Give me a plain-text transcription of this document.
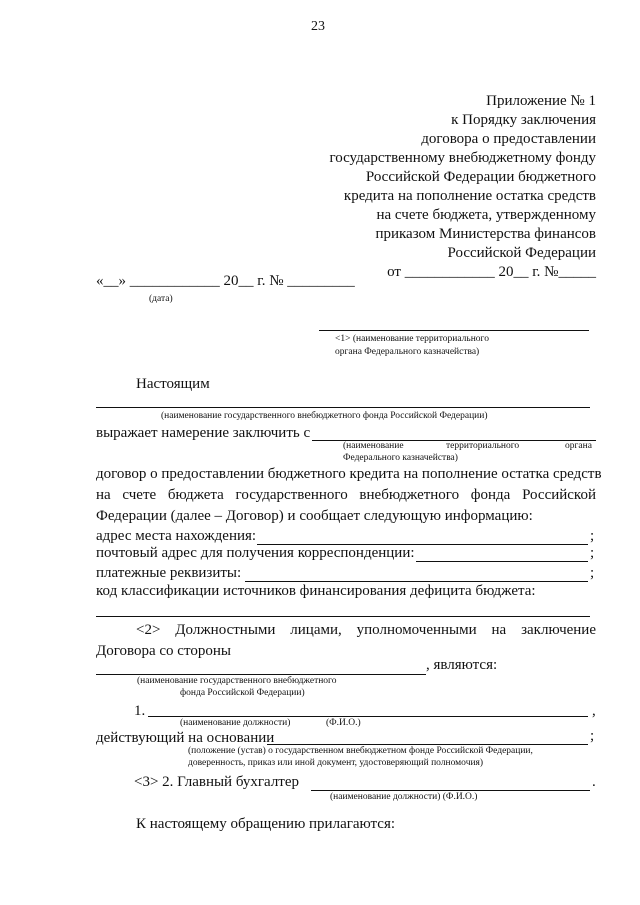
23
Приложение № 1
к Порядку заключения
договора о предоставлении
государственному внебюджетному фонду
Российской Федерации бюджетного
кредита на пополнение остатка средств
на счете бюджета, утвержденному
приказом Министерства финансов
Российской Федерации
от ____________ 20__ г. №_____
«__» ____________ 20__ г. № _________
(дата)
<1> (наименование территориального
органа Федерального казначейства)
Настоящим
(наименование государственного внебюджетного фонда Российской Федерации)
выражает намерение заключить с
(наименование	территориального	органа
Федерального казначейства)
договор о предоставлении бюджетного кредита на пополнение остатка средств
на счете бюджета государственного внебюджетного фонда Российской
Федерации (далее – Договор) и сообщает следующую информацию:
адрес места нахождения:	;
почтовый адрес для получения корреспонденции:	;
платежные реквизиты:	;
код классификации источников финансирования дефицита бюджета:
<2> Должностными лицами, уполномоченными на заключение
Договора со стороны
, являются:
(наименование государственного внебюджетного
фонда Российской Федерации)
1.	,
(наименование должности)	(Ф.И.О.)
действующий на основании	;
(положение (устав) о государственном внебюджетном фонде Российской Федерации,
доверенность, приказ или иной документ, удостоверяющий полномочия)
<3> 2. Главный бухгалтер	.
(наименование должности) (Ф.И.О.)
К настоящему обращению прилагаются:
